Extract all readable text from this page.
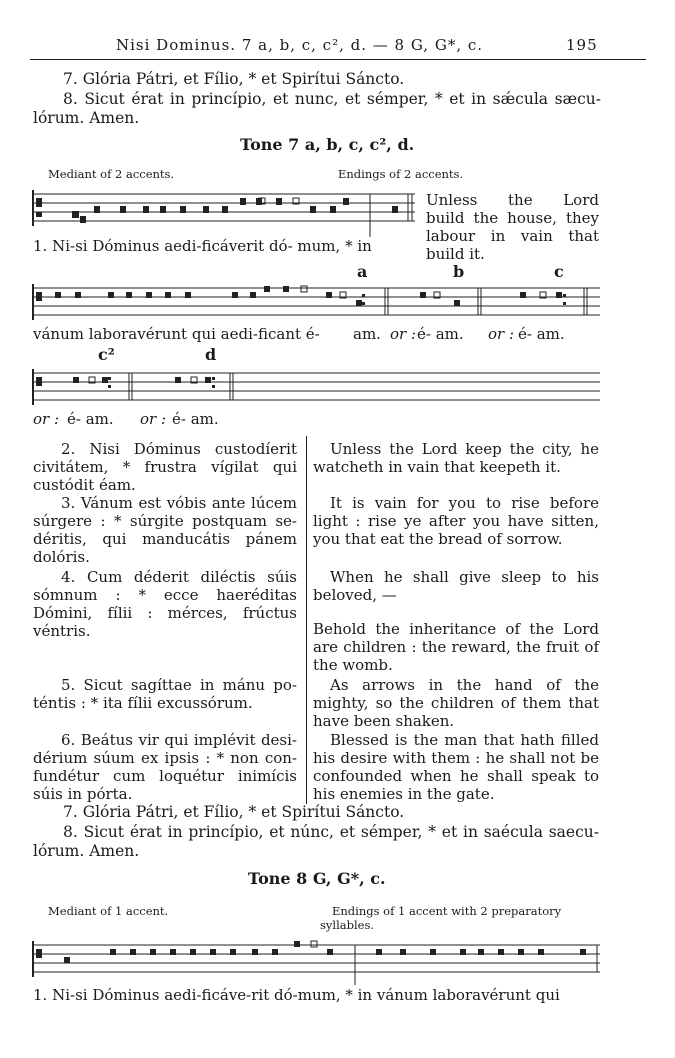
Nisi Dominus. 7 a, b, c, c², d. — 8 G, G*, c.	195
7. Glória Pátri, et Fílio, * et Spirítui Sáncto.
8. Sicut érat in princípio, et nunc, et sémper, * et in sǽcula sæcu-
lórum. Amen.
Tone 7 a, b, c, c², d.
Mediant of 2 accents.	Endings of 2 accents.
Unless the Lord
build the house, they
labour in vain that
build it.
1. Ni-si Dóminus aedi-ficáverit dó- mum, * in
a	b	c
vánum laboravérunt qui aedi-ficant é- am. or : é- am. or : é- am.
c²	d
or : é- am. or : é- am.
2. Nisi Dóminus custodíerit
civitátem, * frustra vígilat qui
custódit éam.
3. Vánum est vóbis ante lúcem
súrgere : * súrgite postquam se-
déritis, qui manducátis pánem
dolóris.
4. Cum déderit diléctis súis
sómnum : * ecce haeréditas
Dómini, fílii : mérces, frúctus
véntris.
5. Sicut sagíttae in mánu po-
téntis : * ita fílii excussórum.
6. Beátus vir qui implévit desi-
dérium súum ex ipsis : * non con-
fundétur cum loquétur inimícis
súis in pórta.
Unless the Lord keep the city, he
watcheth in vain that keepeth it.
It is vain for you to rise before
light : rise ye after you have sitten,
you that eat the bread of sorrow.
When he shall give sleep to his
beloved, —
Behold the inheritance of the Lord
are children : the reward, the fruit of
the womb.
As arrows in the hand of the
mighty, so the children of them that
have been shaken.
Blessed is the man that hath filled
his desire with them : he shall not be
confounded when he shall speak to
his enemies in the gate.
7. Glória Pátri, et Fílio, * et Spirítui Sáncto.
8. Sicut érat in princípio, et núnc, et sémper, * et in saécula saecu-
lórum. Amen.
Tone 8 G, G*, c.
Mediant of 1 accent.	Endings of 1 accent with 2 preparatory
syllables.
1. Ni-si Dóminus aedi-ficáve-rit dó-mum, * in vánum laboravérunt qui
